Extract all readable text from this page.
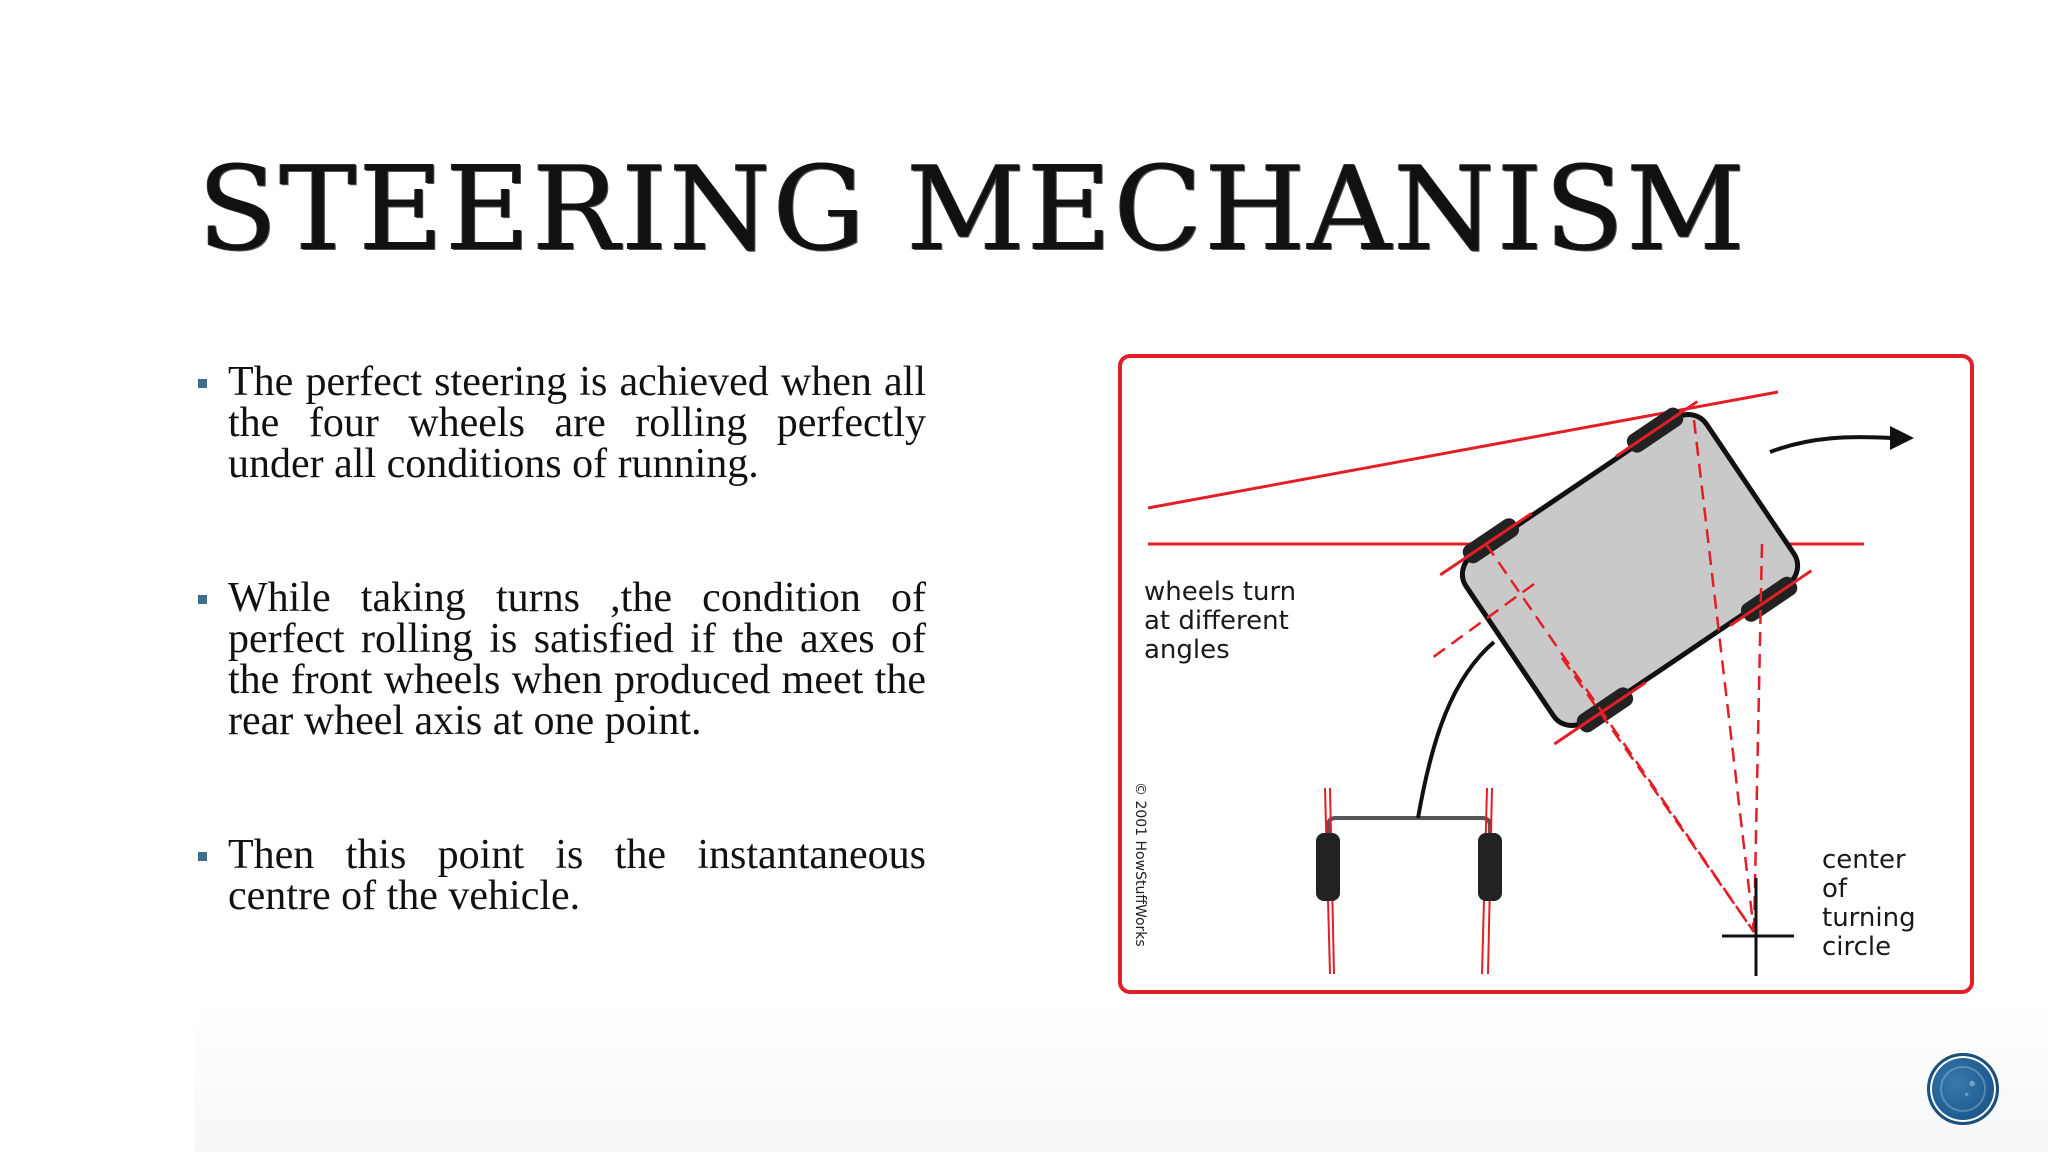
STEERING MECHANISM
The perfect steering is achieved when all the four wheels are rolling perfectly under all conditions of running.
While taking turns ,the condition of perfect rolling is satisfied if the axes of the front wheels when produced meet the rear wheel axis at one point.
Then this point is the instantaneous centre of the vehicle.
wheels turn
at different
angles
center
of
turning
circle
© 2001 HowStuffWorks
